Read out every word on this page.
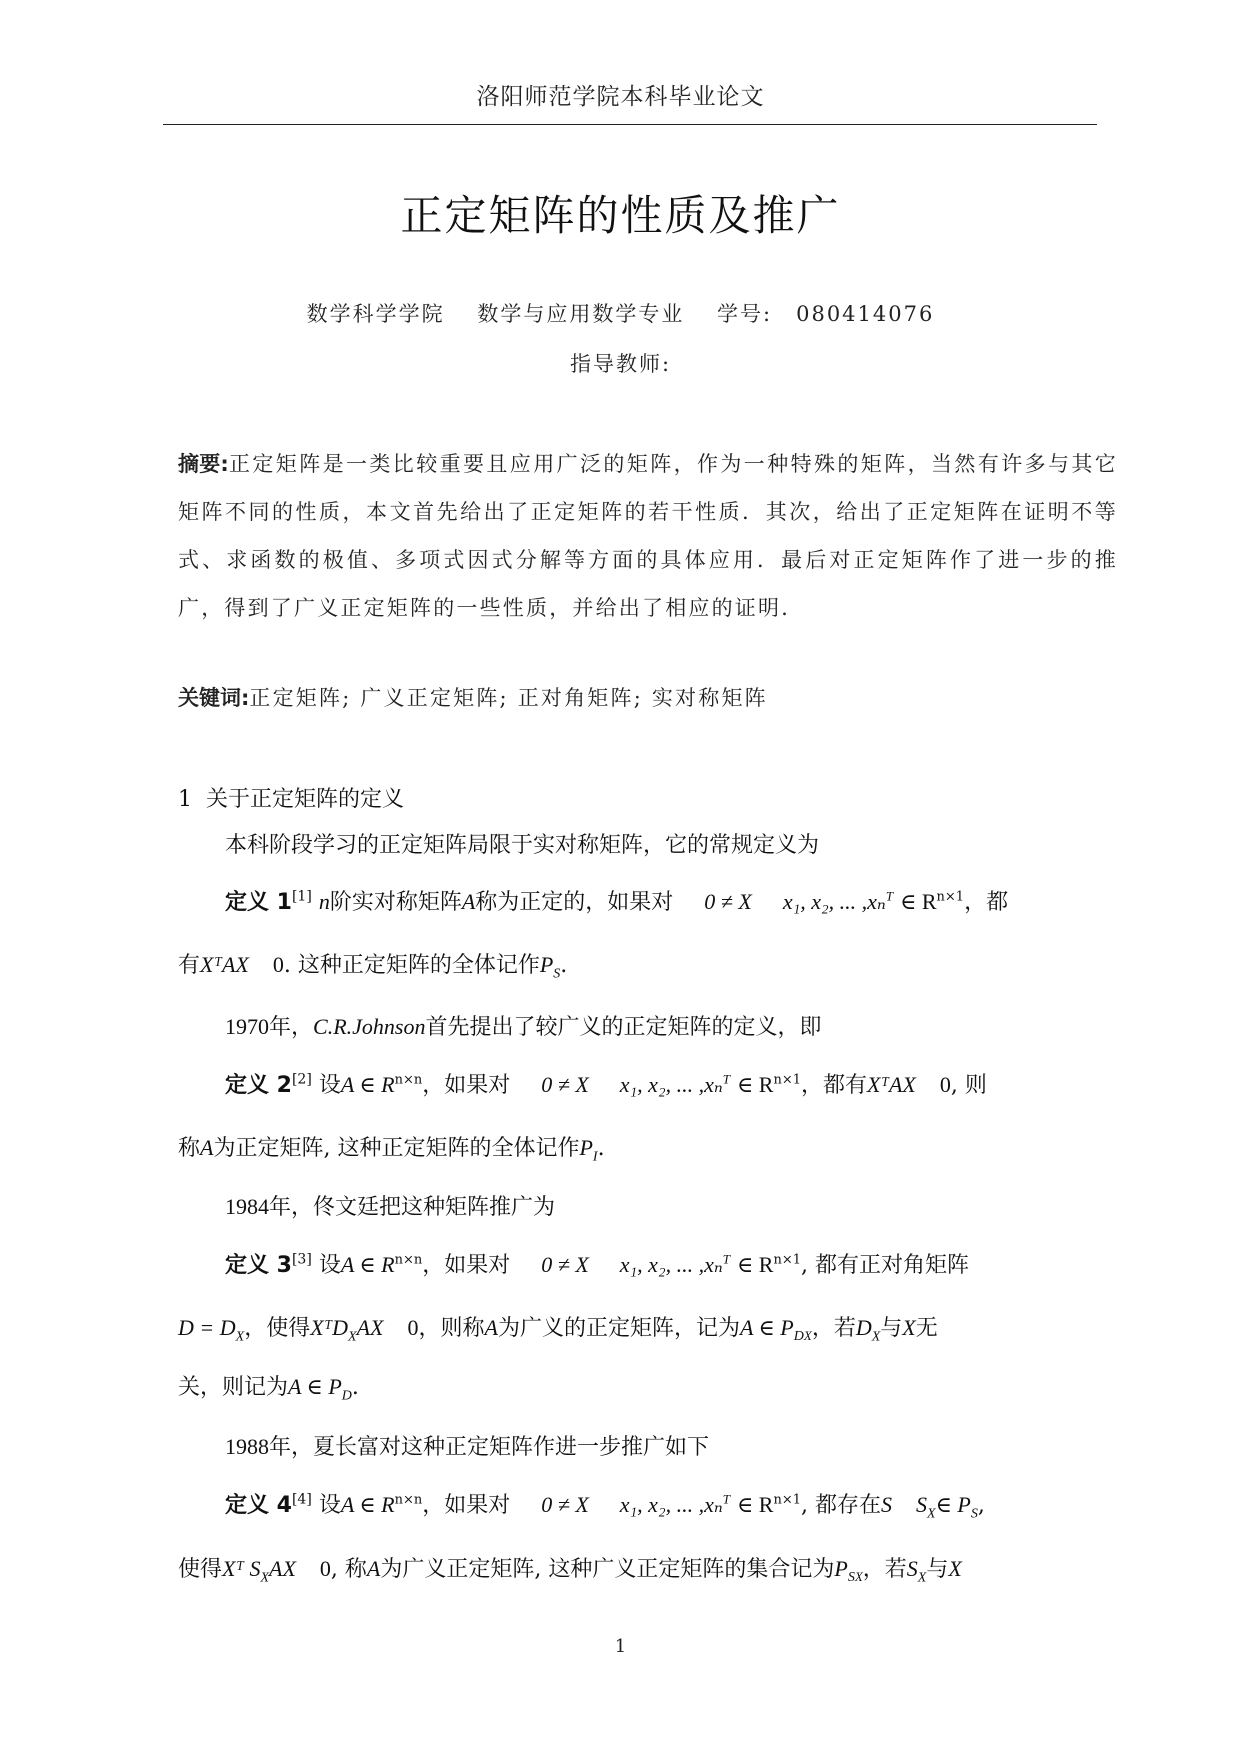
洛阳师范学院本科毕业论文
正定矩阵的性质及推广
数学科学学院 数学与应用数学专业 学号: 080414076
指导教师:
摘要:正定矩阵是一类比较重要且应用广泛的矩阵，作为一种特殊的矩阵，当然有许多与其它矩阵不同的性质，本文首先给出了正定矩阵的若干性质．其次，给出了正定矩阵在证明不等式、求函数的极值、多项式因式分解等方面的具体应用．最后对正定矩阵作了进一步的推广，得到了广义正定矩阵的一些性质，并给出了相应的证明．
关键词:正定矩阵; 广义正定矩阵; 正对角矩阵; 实对称矩阵
1 关于正定矩阵的定义
本科阶段学习的正定矩阵局限于实对称矩阵，它的常规定义为
定义 1[1] n阶实对称矩阵A称为正定的，如果对 0 ≠ X x₁, x₂, ... ,xₙ$^T$ ∈ $R^{n\times 1}$，都
有XᵀAX 0. 这种正定矩阵的全体记作$P_S$.
1970年，C.R.Johnson首先提出了较广义的正定矩阵的定义，即
定义 2[2] 设A ∈ $R^{n\times n}$，如果对 0 ≠ X x₁, x₂, ... ,xₙ$^T$ ∈ $R^{n\times 1}$，都有XᵀAX 0, 则
称A为正定矩阵, 这种正定矩阵的全体记作$P_I$.
1984年，佟文廷把这种矩阵推广为
定义 3[3] 设A ∈ $R^{n\times n}$，如果对 0 ≠ X x₁, x₂, ... ,xₙ$^T$ ∈ $R^{n\times 1}$, 都有正对角矩阵
$D = D_X$，使得XᵀD$_X$AX 0，则称A为广义的正定矩阵，记为A ∈ $P_{DX}$，若$D_X$与X无
关，则记为A ∈ $P_D$.
1988年，夏长富对这种正定矩阵作进一步推广如下
定义 4[4] 设A ∈ $R^{n\times n}$，如果对 0 ≠ X x₁, x₂, ... ,xₙ$^T$ ∈ $R^{n\times 1}$, 都存在S $S_X\in$ $P_S$,
使得Xᵀ $S_XAX$ 0, 称A为广义正定矩阵, 这种广义正定矩阵的集合记为$P_{SX}$，若$S_X$与X
1
